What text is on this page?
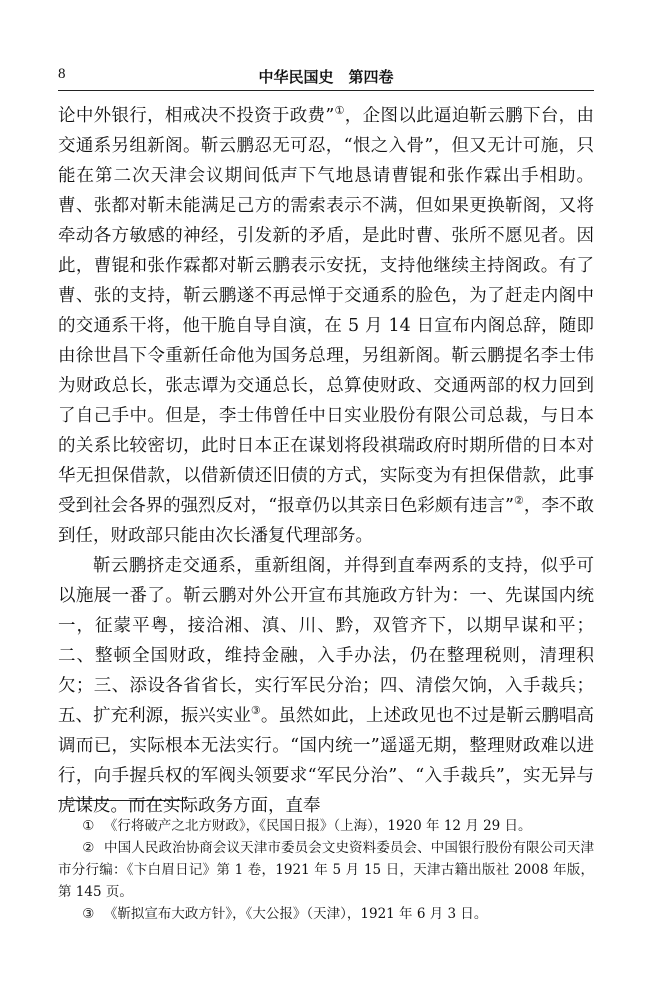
8	中华民国史　第四卷

论中外银行，相戒决不投资于政费”①，企图以此逼迫靳云鹏下台，由交通系另组新阁。靳云鹏忍无可忍，“恨之入骨”，但又无计可施，只能在第二次天津会议期间低声下气地恳请曹锟和张作霖出手相助。曹、张都对靳未能满足己方的需索表示不满，但如果更换靳阁，又将牵动各方敏感的神经，引发新的矛盾，是此时曹、张所不愿见者。因此，曹锟和张作霖都对靳云鹏表示安抚，支持他继续主持阁政。有了曹、张的支持，靳云鹏遂不再忌惮于交通系的脸色，为了赶走内阁中的交通系干将，他干脆自导自演，在 5 月 14 日宣布内阁总辞，随即由徐世昌下令重新任命他为国务总理，另组新阁。靳云鹏提名李士伟为财政总长，张志谭为交通总长，总算使财政、交通两部的权力回到了自己手中。但是，李士伟曾任中日实业股份有限公司总裁，与日本的关系比较密切，此时日本正在谋划将段祺瑞政府时期所借的日本对华无担保借款，以借新债还旧债的方式，实际变为有担保借款，此事受到社会各界的强烈反对，“报章仍以其亲日色彩颇有违言”②，李不敢到任，财政部只能由次长潘复代理部务。

靳云鹏挤走交通系，重新组阁，并得到直奉两系的支持，似乎可以施展一番了。靳云鹏对外公开宣布其施政方针为：一、先谋国内统一，征蒙平粤，接洽湘、滇、川、黔，双管齐下，以期早谋和平；二、整顿全国财政，维持金融，入手办法，仍在整理税则，清理积欠；三、添设各省省长，实行军民分治；四、清偿欠饷，入手裁兵；五、扩充利源，振兴实业③。虽然如此，上述政见也不过是靳云鹏唱高调而已，实际根本无法实行。“国内统一”遥遥无期，整理财政难以进行，向手握兵权的军阀头领要求“军民分治”、“入手裁兵”，实无异与虎谋皮。而在实际政务方面，直奉

① 《行将破产之北方财政》，《民国日报》（上海），1920 年 12 月 29 日。

② 中国人民政治协商会议天津市委员会文史资料委员会、中国银行股份有限公司天津市分行编：《卞白眉日记》第 1 卷，1921 年 5 月 15 日，天津古籍出版社 2008 年版，第 145 页。

③ 《靳拟宣布大政方针》，《大公报》（天津），1921 年 6 月 3 日。
